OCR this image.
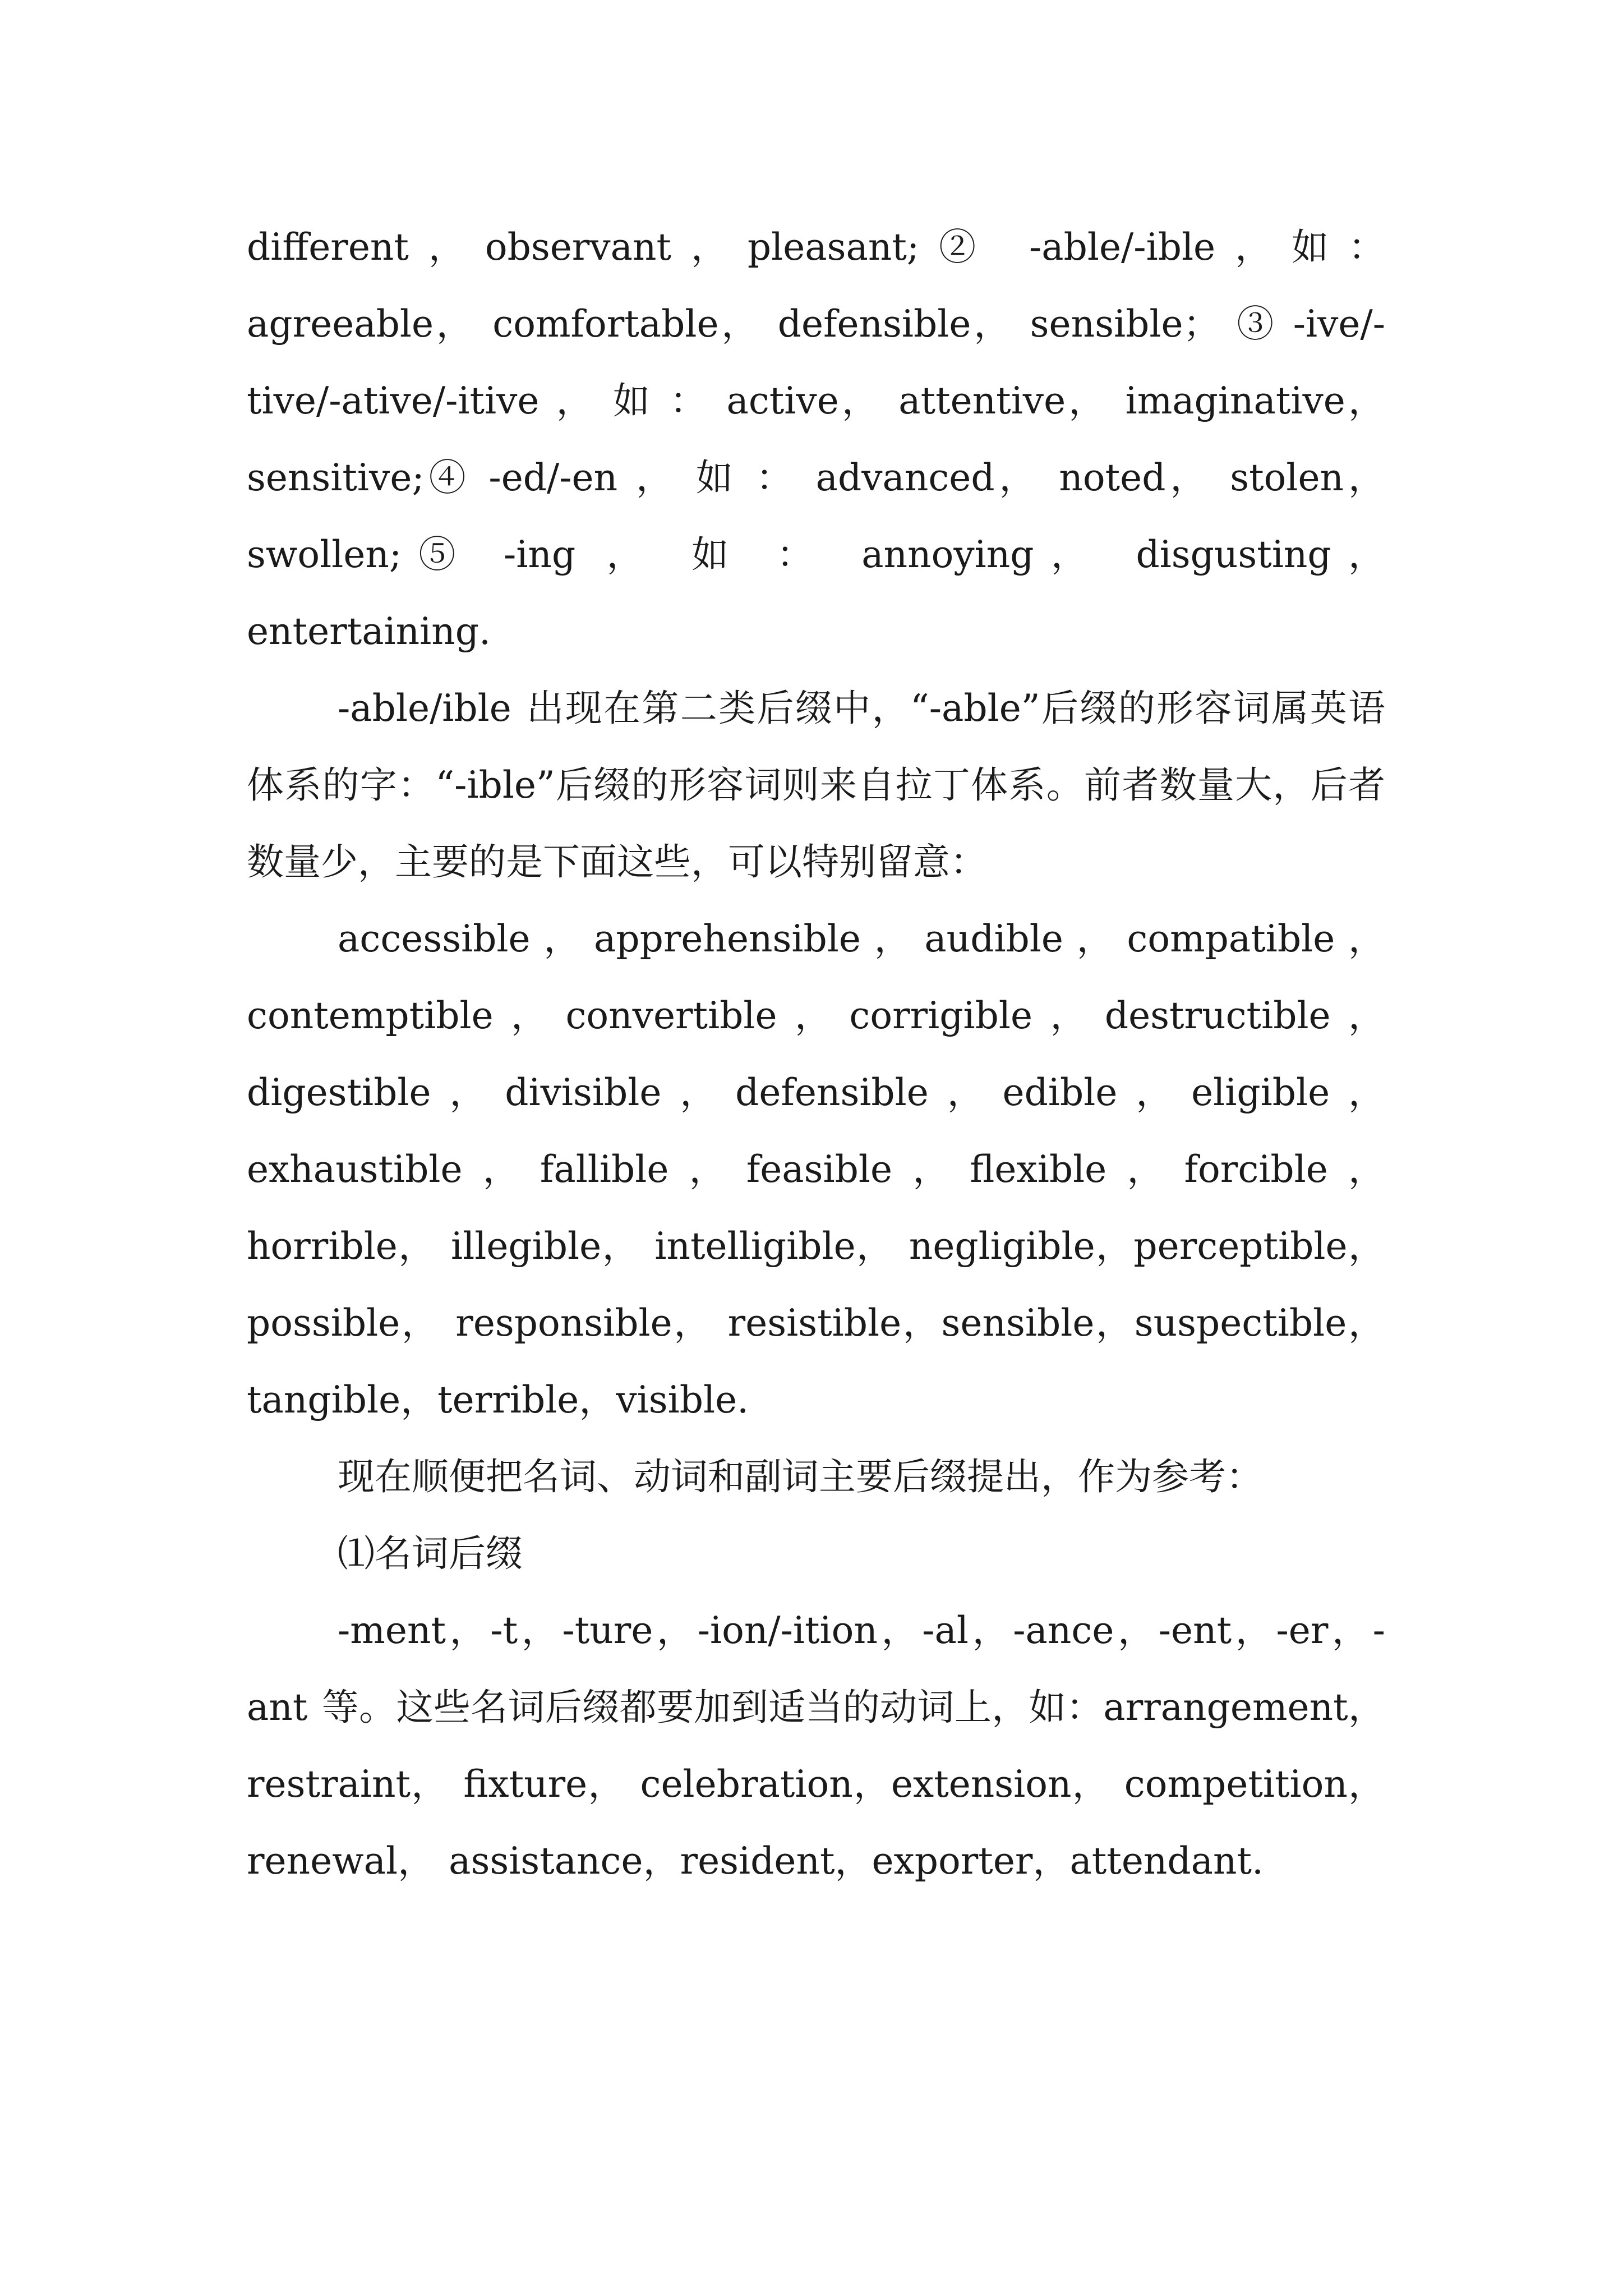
different，observant，pleasant;② -able/-ible，如：agreeable， comfortable， defensible， sensible； ③ -ive/-tive/-ative/-itive ， 如 ： active， attentive， imaginative， sensitive;④ -ed/-en ， 如 ： advanced， noted， stolen， swollen;⑤ -ing ， 如 ： annoying， disgusting，entertaining.

-able/ible 出现在第二类后缀中，“-able”后缀的形容词属英语体系的字：“-ible”后缀的形容词则来自拉丁体系。前者数量大，后者数量少，主要的是下面这些，可以特别留意：

accessible，apprehensible，audible，compatible，contemptible，convertible，corrigible，destructible，digestible，divisible，defensible，edible，eligible，exhaustible，fallible，feasible，flexible，forcible，horrible， illegible， intelligible， negligible，perceptible， possible， responsible， resistible，sensible，suspectible，tangible，terrible，visible.

现在顺便把名词、动词和副词主要后缀提出，作为参考：

⑴名词后缀

-ment，-t，-ture，-ion/-ition，-al，-ance，-ent，-er，-ant 等。这些名词后缀都要加到适当的动词上，如：arrangement， restraint， fixture， celebration，extension， competition， renewal， assistance，resident，exporter，attendant.
